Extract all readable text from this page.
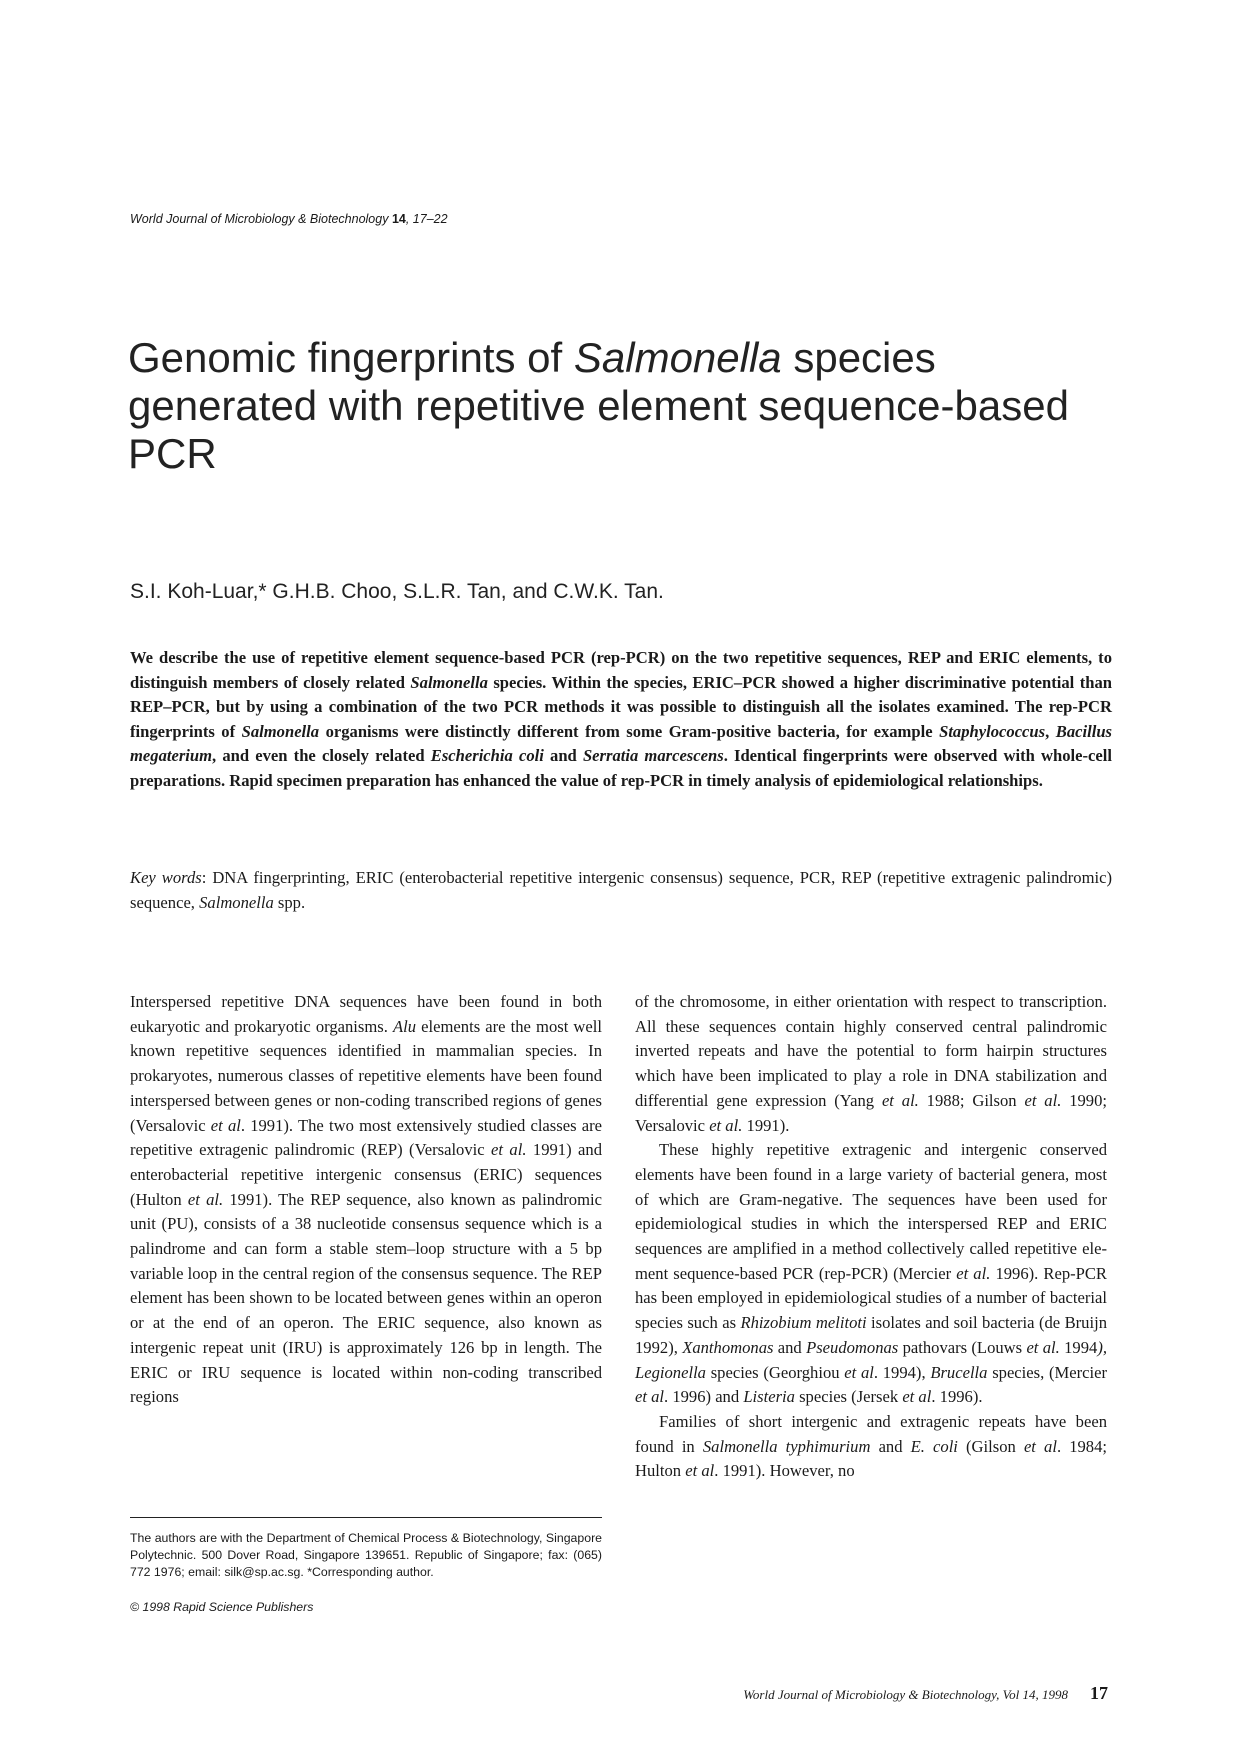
World Journal of Microbiology & Biotechnology 14, 17–22
Genomic fingerprints of Salmonella species generated with repetitive element sequence-based PCR
S.I. Koh-Luar,* G.H.B. Choo, S.L.R. Tan, and C.W.K. Tan.
We describe the use of repetitive element sequence-based PCR (rep-PCR) on the two repetitive sequences, REP and ERIC elements, to distinguish members of closely related Salmonella species. Within the species, ERIC–PCR showed a higher discriminative potential than REP–PCR, but by using a combination of the two PCR methods it was possible to distinguish all the isolates examined. The rep-PCR fingerprints of Salmonella organisms were distinctly different from some Gram-positive bacteria, for example Staphylococcus, Bacillus megaterium, and even the closely related Escherichia coli and Serratia marcescens. Identical fingerprints were observed with whole-cell preparations. Rapid specimen preparation has enhanced the value of rep-PCR in timely analysis of epidemiological relationships.
Key words: DNA fingerprinting, ERIC (enterobacterial repetitive intergenic consensus) sequence, PCR, REP (repetitive extragenic palindromic) sequence, Salmonella spp.

Interspersed repetitive DNA sequences have been found in both eukaryotic and prokaryotic organisms. Alu elements are the most well known repetitive sequences identified in mammalian species. In prokaryotes, numerous classes of repetitive elements have been found interspersed between genes or non-coding transcribed regions of genes (Versalovic et al. 1991). The two most extensively studied classes are repetitive extragenic palindromic (REP) (Versalovic et al. 1991) and enterobacterial repetitive intergenic consensus (ERIC) sequences (Hulton et al. 1991). The REP sequence, also known as palindromic unit (PU), consists of a 38 nucleotide consensus sequence which is a palindrome and can form a stable stem–loop structure with a 5 bp variable loop in the central region of the consensus sequence. The REP element has been shown to be located between genes within an operon or at the end of an operon. The ERIC sequence, also known as intergenic repeat unit (IRU) is approximately 126 bp in length. The ERIC or IRU sequence is located within non-coding transcribed regions

of the chromosome, in either orientation with respect to transcription. All these sequences contain highly conserved central palindromic inverted repeats and have the potential to form hairpin structures which have been implicated to play a role in DNA stabilization and differential gene expression (Yang et al. 1988; Gilson et al. 1990; Versalovic et al. 1991).

These highly repetitive extragenic and intergenic conserved elements have been found in a large variety of bacterial genera, most of which are Gram-negative. The sequences have been used for epidemiological studies in which the interspersed REP and ERIC sequences are amplified in a method collectively called repetitive element sequence-based PCR (rep-PCR) (Mercier et al. 1996). Rep-PCR has been employed in epidemiological studies of a number of bacterial species such as Rhizobium melitoti isolates and soil bacteria (de Bruijn 1992), Xanthomonas and Pseudomonas pathovars (Louws et al. 1994), Legionella species (Georghiou et al. 1994), Brucella species, (Mercier et al. 1996) and Listeria species (Jersek et al. 1996).

Families of short intergenic and extragenic repeats have been found in Salmonella typhimurium and E. coli (Gilson et al. 1984; Hulton et al. 1991). However, no

The authors are with the Department of Chemical Process & Biotechnology, Singapore Polytechnic. 500 Dover Road, Singapore 139651. Republic of Singapore; fax: (065) 772 1976; email: silk@sp.ac.sg. *Corresponding author.
© 1998 Rapid Science Publishers
World Journal of Microbiology & Biotechnology, Vol 14, 1998 17
